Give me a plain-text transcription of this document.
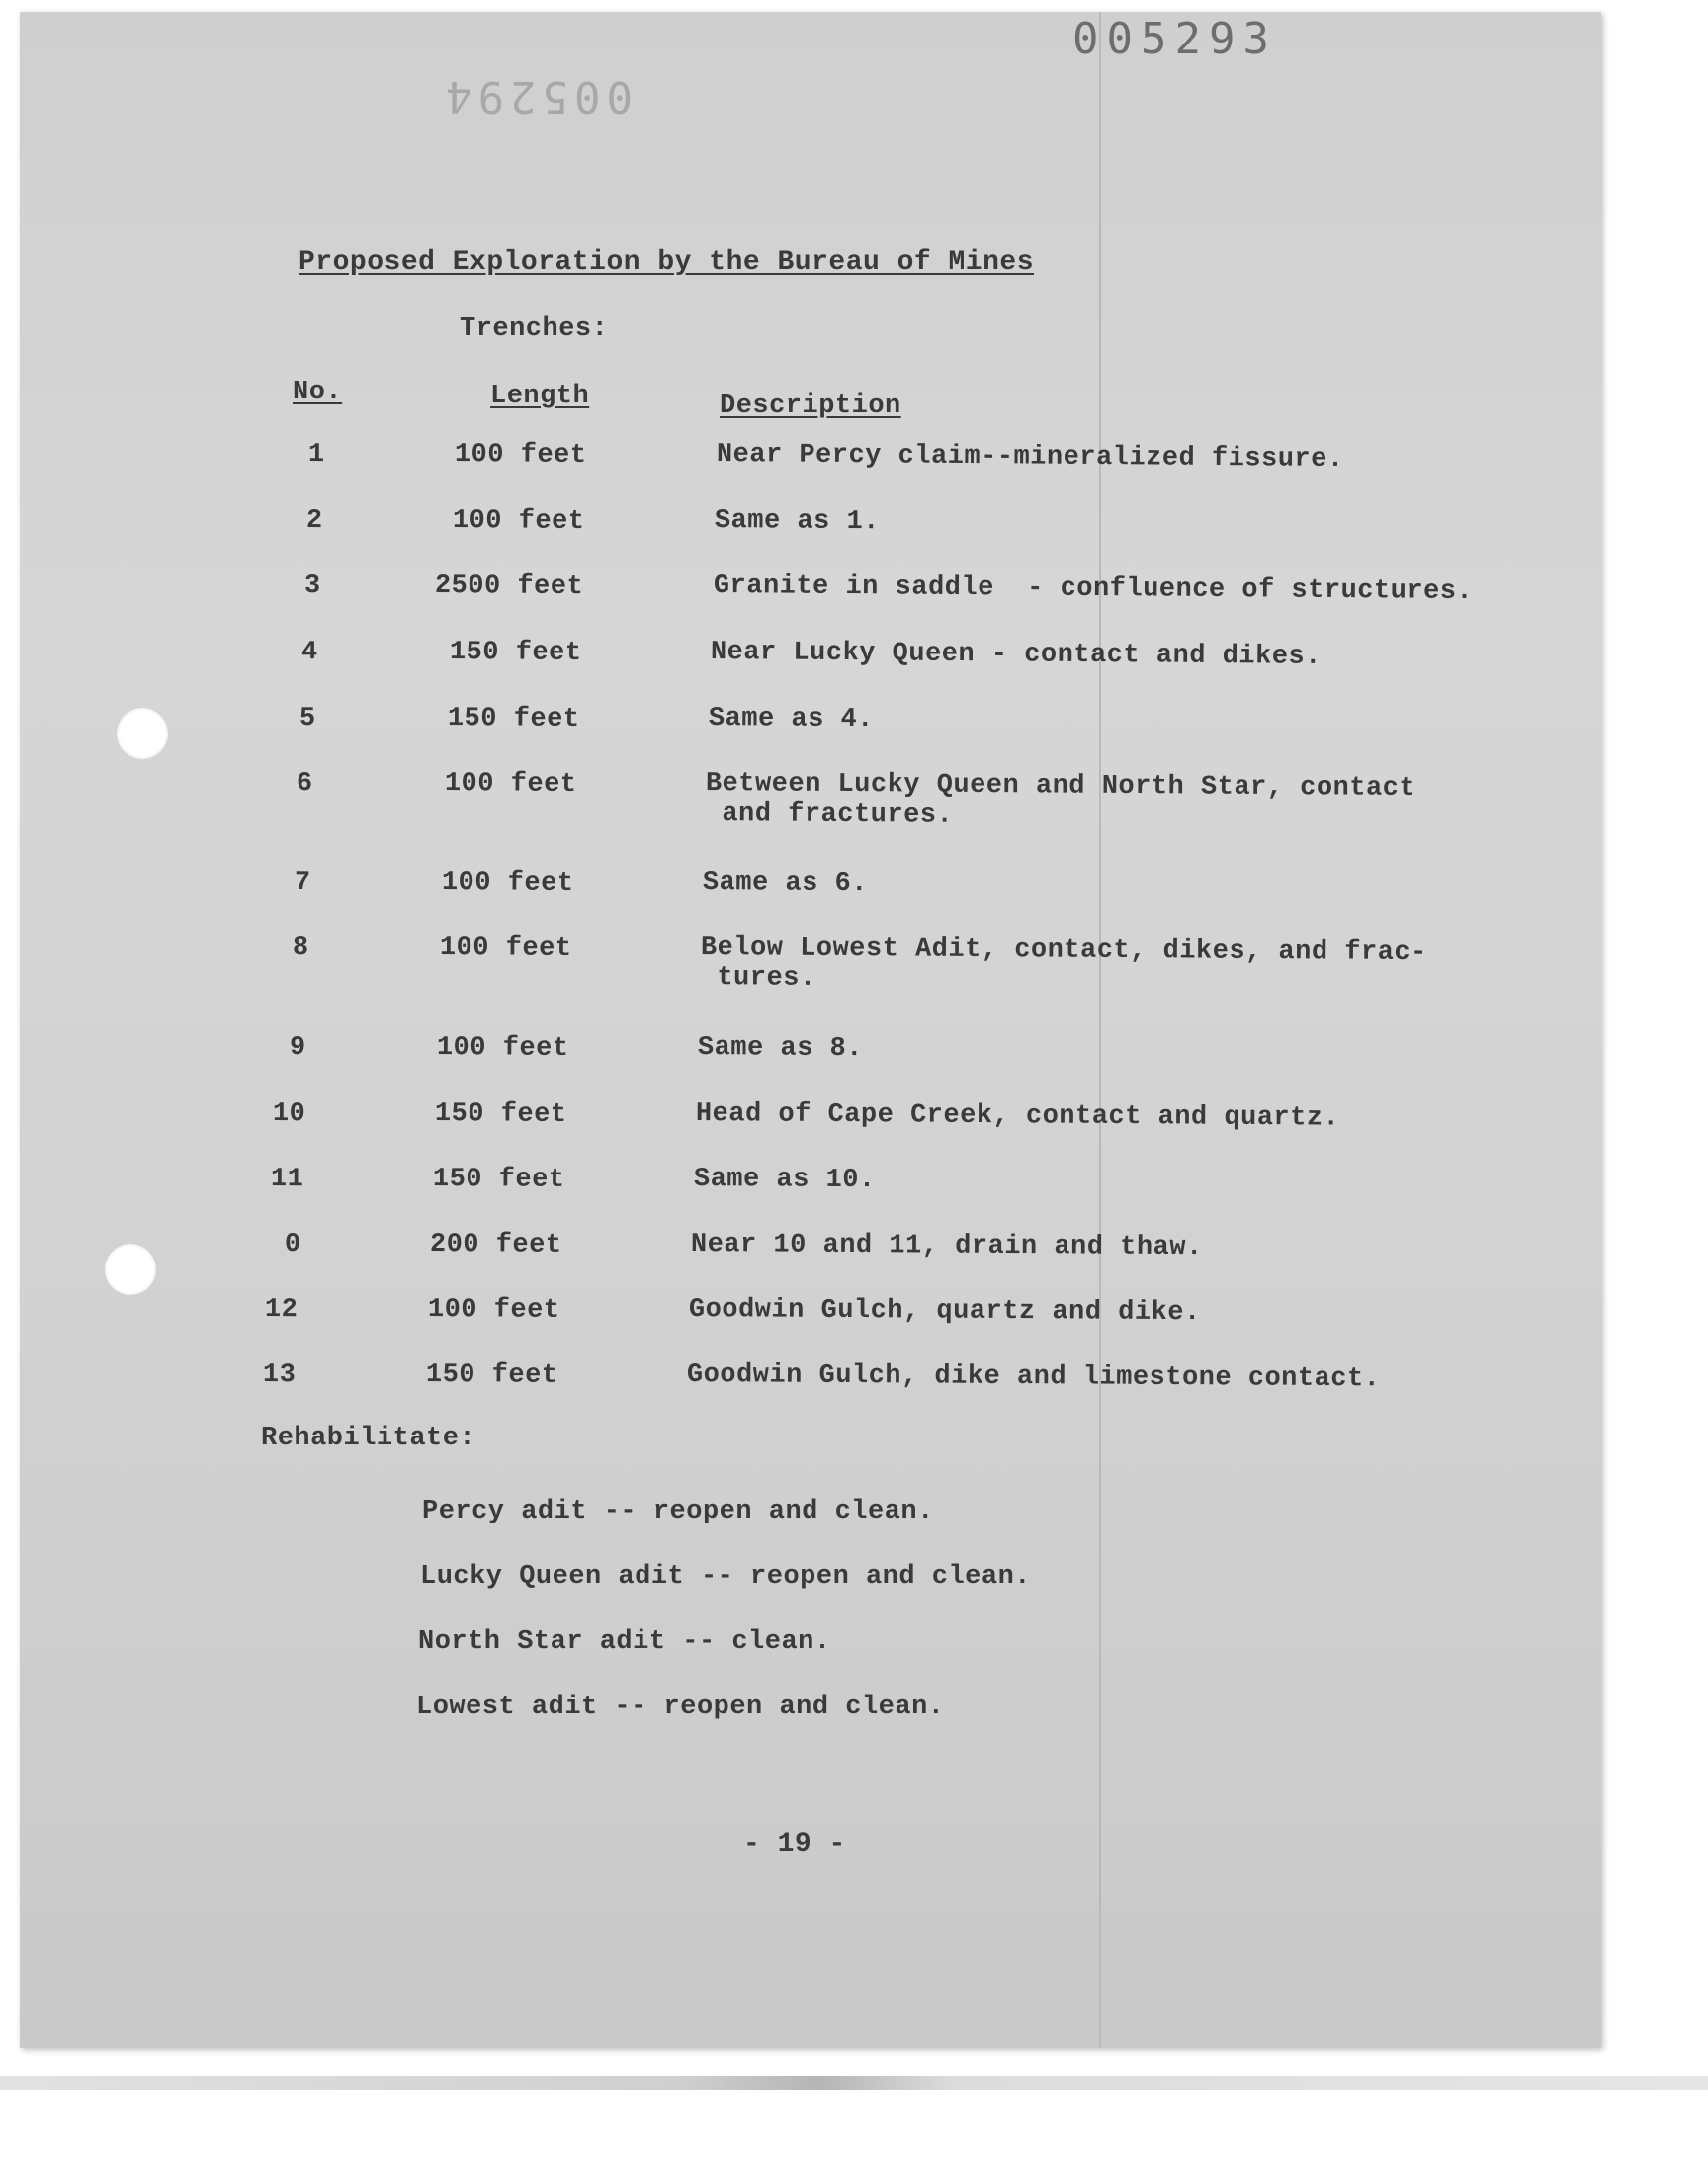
005293
005294
Proposed Exploration by the Bureau of Mines
Trenches:
No.	Length	Description
1	100 feet	Near Percy claim--mineralized fissure.
2	100 feet	Same as 1.
3	2500 feet	Granite in saddle  - confluence of structures.
4	150 feet	Near Lucky Queen - contact and dikes.
5	150 feet	Same as 4.
6	100 feet	Between Lucky Queen and North Star, contact
and fractures.
7	100 feet	Same as 6.
8	100 feet	Below Lowest Adit, contact, dikes, and frac-
tures.
9	100 feet	Same as 8.
10	150 feet	Head of Cape Creek, contact and quartz.
11	150 feet	Same as 10.
0	200 feet	Near 10 and 11, drain and thaw.
12	100 feet	Goodwin Gulch, quartz and dike.
13	150 feet	Goodwin Gulch, dike and limestone contact.
Rehabilitate:
Percy adit -- reopen and clean.
Lucky Queen adit -- reopen and clean.
North Star adit -- clean.
Lowest adit -- reopen and clean.
- 19 -
